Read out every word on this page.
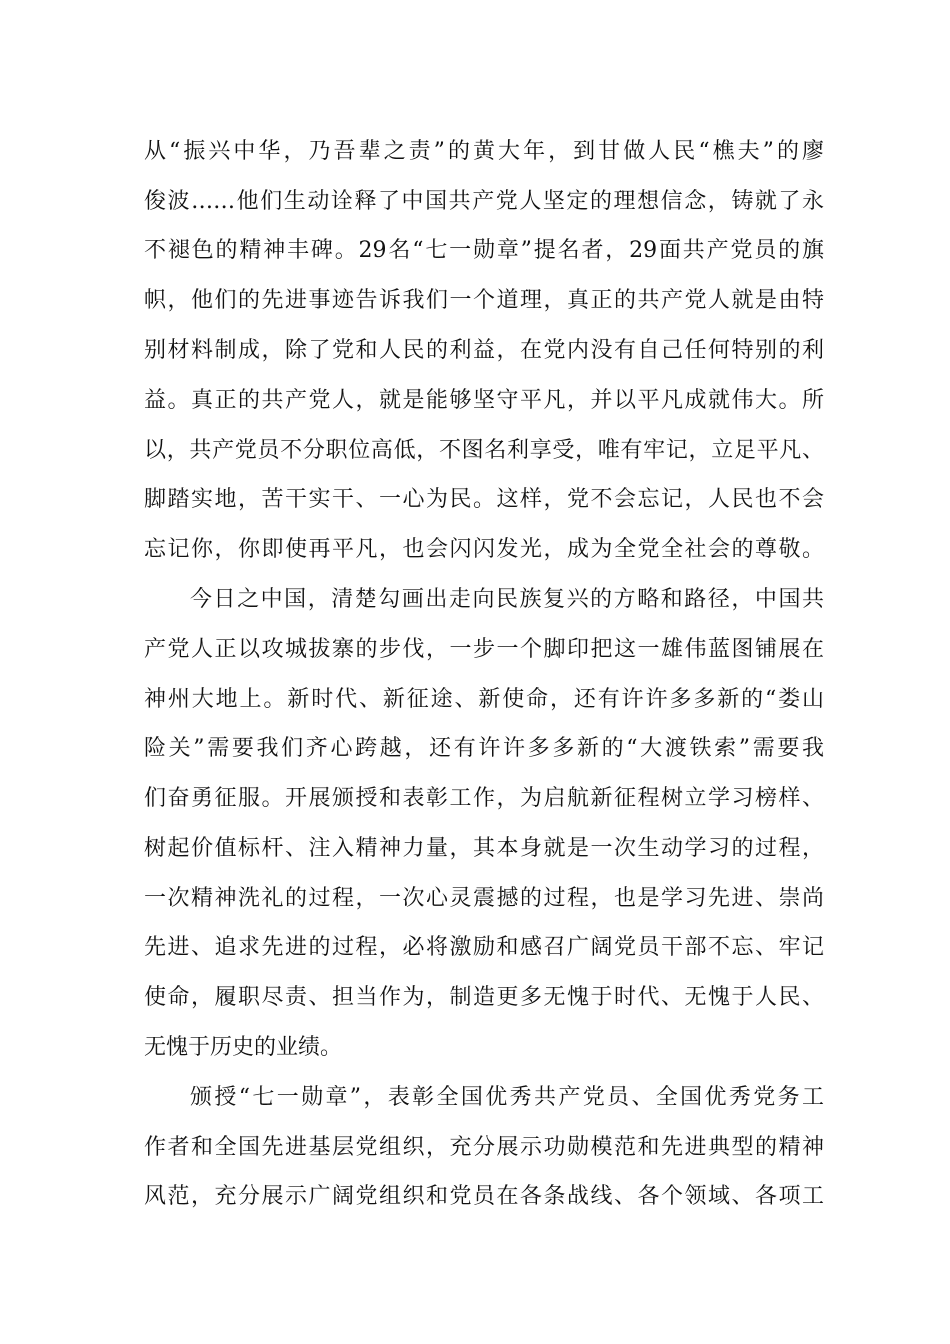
从“振兴中华，乃吾辈之责”的黄大年，到甘做人民“樵夫”的廖
俊波……他们生动诠释了中国共产党人坚定的理想信念，铸就了永
不褪色的精神丰碑。29名“七一勋章”提名者，29面共产党员的旗
帜，他们的先进事迹告诉我们一个道理，真正的共产党人就是由特
别材料制成，除了党和人民的利益，在党内没有自己任何特别的利
益。真正的共产党人，就是能够坚守平凡，并以平凡成就伟大。所
以，共产党员不分职位高低，不图名利享受，唯有牢记，立足平凡、
脚踏实地，苦干实干、一心为民。这样，党不会忘记，人民也不会
忘记你，你即使再平凡，也会闪闪发光，成为全党全社会的尊敬。
今日之中国，清楚勾画出走向民族复兴的方略和路径，中国共
产党人正以攻城拔寨的步伐，一步一个脚印把这一雄伟蓝图铺展在
神州大地上。新时代、新征途、新使命，还有许许多多新的“娄山
险关”需要我们齐心跨越，还有许许多多新的“大渡铁索”需要我
们奋勇征服。开展颁授和表彰工作，为启航新征程树立学习榜样、
树起价值标杆、注入精神力量，其本身就是一次生动学习的过程，
一次精神洗礼的过程，一次心灵震撼的过程，也是学习先进、崇尚
先进、追求先进的过程，必将激励和感召广阔党员干部不忘、牢记
使命，履职尽责、担当作为，制造更多无愧于时代、无愧于人民、
无愧于历史的业绩。
颁授“七一勋章”，表彰全国优秀共产党员、全国优秀党务工
作者和全国先进基层党组织，充分展示功勋模范和先进典型的精神
风范，充分展示广阔党组织和党员在各条战线、各个领域、各项工
